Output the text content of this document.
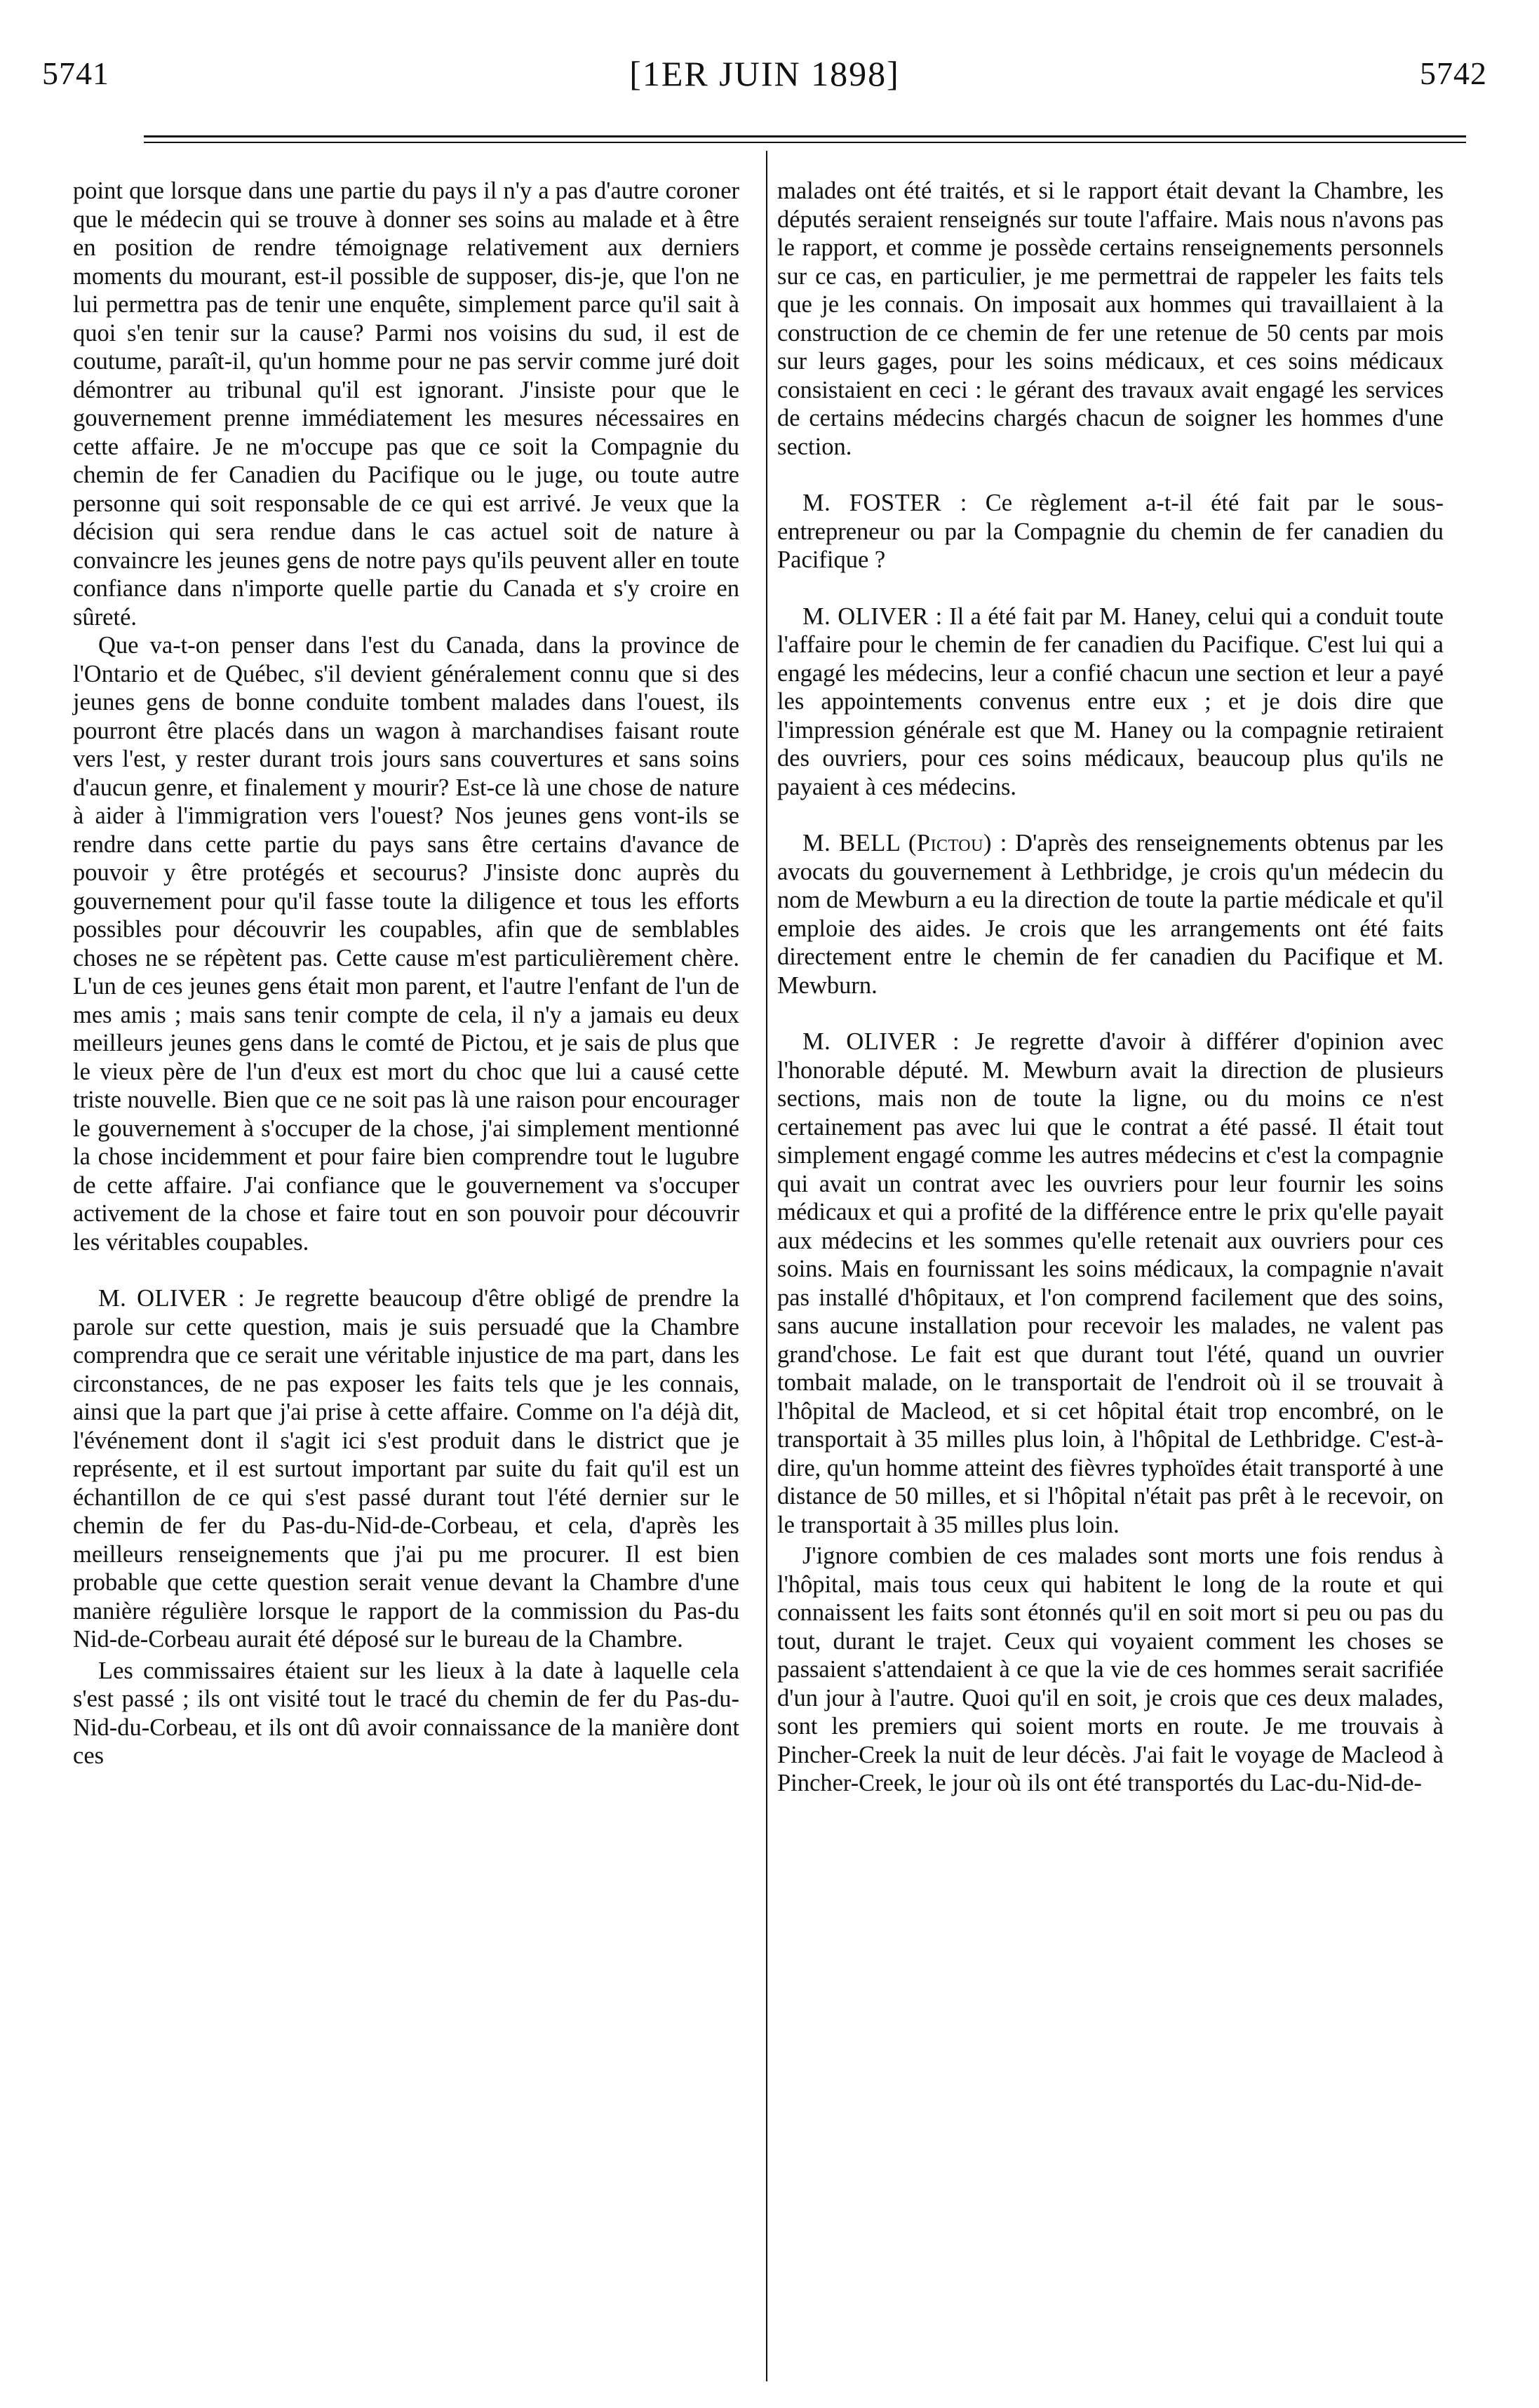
5741	[1ER JUIN 1898]	5742

point que lorsque dans une partie du pays il n'y a pas d'autre coroner que le médecin qui se trouve à donner ses soins au malade et à être en position de rendre témoignage relativement aux derniers moments du mourant, est-il possible de supposer, dis-je, que l'on ne lui permettra pas de tenir une enquête, simplement parce qu'il sait à quoi s'en tenir sur la cause? Parmi nos voisins du sud, il est de coutume, paraît-il, qu'un homme pour ne pas servir comme juré doit démontrer au tribunal qu'il est ignorant. J'insiste pour que le gouvernement prenne immédiatement les mesures nécessaires en cette affaire. Je ne m'occupe pas que ce soit la Compagnie du chemin de fer Canadien du Pacifique ou le juge, ou toute autre personne qui soit responsable de ce qui est arrivé. Je veux que la décision qui sera rendue dans le cas actuel soit de nature à convaincre les jeunes gens de notre pays qu'ils peuvent aller en toute confiance dans n'importe quelle partie du Canada et s'y croire en sûreté.

Que va-t-on penser dans l'est du Canada, dans la province de l'Ontario et de Québec, s'il devient généralement connu que si des jeunes gens de bonne conduite tombent malades dans l'ouest, ils pourront être placés dans un wagon à marchandises faisant route vers l'est, y rester durant trois jours sans couvertures et sans soins d'aucun genre, et finalement y mourir? Est-ce là une chose de nature à aider à l'immigration vers l'ouest? Nos jeunes gens vont-ils se rendre dans cette partie du pays sans être certains d'avance de pouvoir y être protégés et secourus? J'insiste donc auprès du gouvernement pour qu'il fasse toute la diligence et tous les efforts possibles pour découvrir les coupables, afin que de semblables choses ne se répètent pas. Cette cause m'est particulièrement chère. L'un de ces jeunes gens était mon parent, et l'autre l'enfant de l'un de mes amis ; mais sans tenir compte de cela, il n'y a jamais eu deux meilleurs jeunes gens dans le comté de Pictou, et je sais de plus que le vieux père de l'un d'eux est mort du choc que lui a causé cette triste nouvelle. Bien que ce ne soit pas là une raison pour encourager le gouvernement à s'occuper de la chose, j'ai simplement mentionné la chose incidemment et pour faire bien comprendre tout le lugubre de cette affaire. J'ai confiance que le gouvernement va s'occuper activement de la chose et faire tout en son pouvoir pour découvrir les véritables coupables.

M. OLIVER : Je regrette beaucoup d'être obligé de prendre la parole sur cette question, mais je suis persuadé que la Chambre comprendra que ce serait une véritable injustice de ma part, dans les circonstances, de ne pas exposer les faits tels que je les connais, ainsi que la part que j'ai prise à cette affaire. Comme on l'a déjà dit, l'événement dont il s'agit ici s'est produit dans le district que je représente, et il est surtout important par suite du fait qu'il est un échantillon de ce qui s'est passé durant tout l'été dernier sur le chemin de fer du Pas-du-Nid-de-Corbeau, et cela, d'après les meilleurs renseignements que j'ai pu me procurer. Il est bien probable que cette question serait venue devant la Chambre d'une manière régulière lorsque le rapport de la commission du Pas-du Nid-de-Corbeau aurait été déposé sur le bureau de la Chambre.

Les commissaires étaient sur les lieux à la date à laquelle cela s'est passé ; ils ont visité tout le tracé du chemin de fer du Pas-du-Nid-du-Corbeau, et ils ont dû avoir connaissance de la manière dont ces

malades ont été traités, et si le rapport était devant la Chambre, les députés seraient renseignés sur toute l'affaire. Mais nous n'avons pas le rapport, et comme je possède certains renseignements personnels sur ce cas, en particulier, je me permettrai de rappeler les faits tels que je les connais. On imposait aux hommes qui travaillaient à la construction de ce chemin de fer une retenue de 50 cents par mois sur leurs gages, pour les soins médicaux, et ces soins médicaux consistaient en ceci : le gérant des travaux avait engagé les services de certains médecins chargés chacun de soigner les hommes d'une section.

M. FOSTER : Ce règlement a-t-il été fait par le sous-entrepreneur ou par la Compagnie du chemin de fer canadien du Pacifique ?

M. OLIVER : Il a été fait par M. Haney, celui qui a conduit toute l'affaire pour le chemin de fer canadien du Pacifique. C'est lui qui a engagé les médecins, leur a confié chacun une section et leur a payé les appointements convenus entre eux ; et je dois dire que l'impression générale est que M. Haney ou la compagnie retiraient des ouvriers, pour ces soins médicaux, beaucoup plus qu'ils ne payaient à ces médecins.

M. BELL (Pictou) : D'après des renseignements obtenus par les avocats du gouvernement à Lethbridge, je crois qu'un médecin du nom de Mewburn a eu la direction de toute la partie médicale et qu'il emploie des aides. Je crois que les arrangements ont été faits directement entre le chemin de fer canadien du Pacifique et M. Mewburn.

M. OLIVER : Je regrette d'avoir à différer d'opinion avec l'honorable député. M. Mewburn avait la direction de plusieurs sections, mais non de toute la ligne, ou du moins ce n'est certainement pas avec lui que le contrat a été passé. Il était tout simplement engagé comme les autres médecins et c'est la compagnie qui avait un contrat avec les ouvriers pour leur fournir les soins médicaux et qui a profité de la différence entre le prix qu'elle payait aux médecins et les sommes qu'elle retenait aux ouvriers pour ces soins. Mais en fournissant les soins médicaux, la compagnie n'avait pas installé d'hôpitaux, et l'on comprend facilement que des soins, sans aucune installation pour recevoir les malades, ne valent pas grand'chose. Le fait est que durant tout l'été, quand un ouvrier tombait malade, on le transportait de l'endroit où il se trouvait à l'hôpital de Macleod, et si cet hôpital était trop encombré, on le transportait à 35 milles plus loin, à l'hôpital de Lethbridge. C'est-à-dire, qu'un homme atteint des fièvres typhoïdes était transporté à une distance de 50 milles, et si l'hôpital n'était pas prêt à le recevoir, on le transportait à 35 milles plus loin.

J'ignore combien de ces malades sont morts une fois rendus à l'hôpital, mais tous ceux qui habitent le long de la route et qui connaissent les faits sont étonnés qu'il en soit mort si peu ou pas du tout, durant le trajet. Ceux qui voyaient comment les choses se passaient s'attendaient à ce que la vie de ces hommes serait sacrifiée d'un jour à l'autre. Quoi qu'il en soit, je crois que ces deux malades, sont les premiers qui soient morts en route. Je me trouvais à Pincher-Creek la nuit de leur décès. J'ai fait le voyage de Macleod à Pincher-Creek, le jour où ils ont été transportés du Lac-du-Nid-de-
